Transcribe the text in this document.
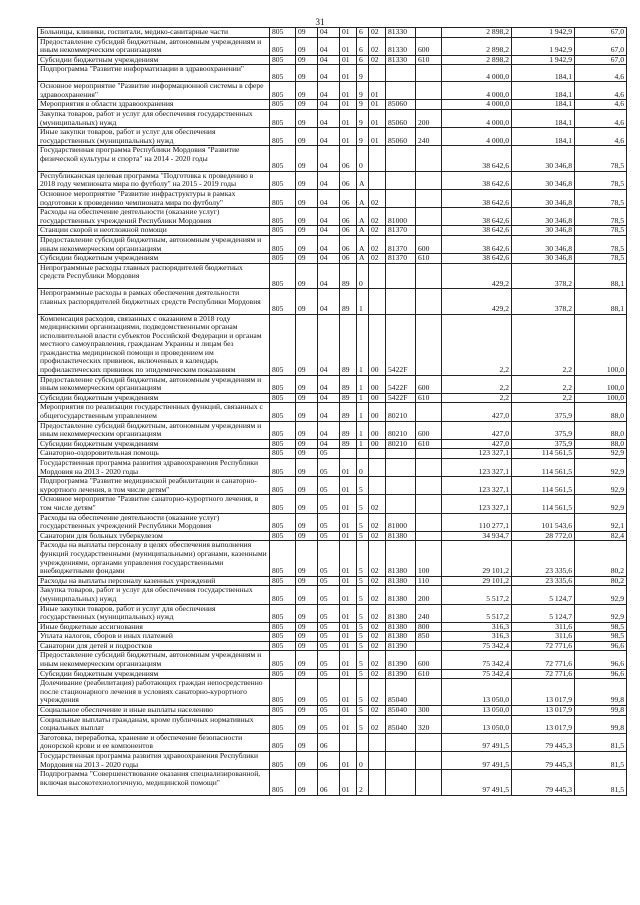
31
Больницы, клиники, госпитали, медико-санитарные части	805	09	04	01	6	02	81330		2 898,2	1 942,9	67,0
Предоставление субсидий бюджетным, автономным учреждениям и иным некоммерческим организациям	805	09	04	01	6	02	81330	600	2 898,2	1 942,9	67,0
Субсидии бюджетным учреждениям	805	09	04	01	6	02	81330	610	2 898,2	1 942,9	67,0
Подпрограмма "Развитие информатизации в здравоохранении"	805	09	04	01	9				4 000,0	184,1	4,6
Основное мероприятие "Развитие информационной системы в сфере здравоохранения"	805	09	04	01	9	01			4 000,0	184,1	4,6
Мероприятия в области здравоохранения	805	09	04	01	9	01	85060		4 000,0	184,1	4,6
Закупка товаров, работ и услуг для обеспечения государственных (муниципальных) нужд	805	09	04	01	9	01	85060	200	4 000,0	184,1	4,6
Иные закупки товаров, работ и услуг для обеспечения государственных (муниципальных) нужд	805	09	04	01	9	01	85060	240	4 000,0	184,1	4,6
Государственная программа Республики Мордовия "Развитие физической культуры и спорта" на 2014 - 2020 годы	805	09	04	06	0				38 642,6	30 346,8	78,5
Республиканская целевая программа "Подготовка к проведению в 2018 году чемпионата мира по футболу" на 2015 - 2019 годы	805	09	04	06	А				38 642,6	30 346,8	78,5
Основное мероприятие "Развитие инфраструктуры в рамках подготовки к проведению чемпионата мира по футболу"	805	09	04	06	А	02			38 642,6	30 346,8	78,5
Расходы на обеспечение деятельности (оказание услуг) государственных учреждений Республики Мордовия	805	09	04	06	А	02	81000		38 642,6	30 346,8	78,5
Станции скорой и неотложной помощи	805	09	04	06	А	02	81370		38 642,6	30 346,8	78,5
Предоставление субсидий бюджетным, автономным учреждениям и иным некоммерческим организациям	805	09	04	06	А	02	81370	600	38 642,6	30 346,8	78,5
Субсидии бюджетным учреждениям	805	09	04	06	А	02	81370	610	38 642,6	30 346,8	78,5
Непрограммные расходы главных распорядителей бюджетных средств Республики Мордовия	805	09	04	89	0				429,2	378,2	88,1
Непрограммные расходы в рамках обеспечения деятельности главных распорядителей бюджетных средств Республики Мордовия	805	09	04	89	1				429,2	378,2	88,1
Компенсация расходов, связанных с оказанием в 2018 году медицинскими организациями, подведомственными органам исполнительной власти субъектов Российской Федерации и органам местного самоуправления, гражданам Украины и лицам без гражданства медицинской помощи и проведением им профилактических прививок, включенных в календарь профилактических прививок по эпидемическим показаниям	805	09	04	89	1	00	5422F		2,2	2,2	100,0
Предоставление субсидий бюджетным, автономным учреждениям и иным некоммерческим организациям	805	09	04	89	1	00	5422F	600	2,2	2,2	100,0
Субсидии бюджетным учреждениям	805	09	04	89	1	00	5422F	610	2,2	2,2	100,0
Мероприятия по реализации государственных функций, связанных с общегосударственным управлением	805	09	04	89	1	00	80210		427,0	375,9	88,0
Предоставление субсидий бюджетным, автономным учреждениям и иным некоммерческим организациям	805	09	04	89	1	00	80210	600	427,0	375,9	88,0
Субсидии бюджетным учреждениям	805	09	04	89	1	00	80210	610	427,0	375,9	88,0
Санаторно-оздоровительная помощь	805	09	05						123 327,1	114 561,5	92,9
Государственная программа развития здравоохранения Республики Мордовия на 2013 - 2020 годы	805	09	05	01	0				123 327,1	114 561,5	92,9
Подпрограмма "Развитие медицинской реабилитации и санаторно-курортного лечения, в том числе детям"	805	09	05	01	5				123 327,1	114 561,5	92,9
Основное мероприятие "Развитие санаторно-курортного лечения, в том числе детям"	805	09	05	01	5	02			123 327,1	114 561,5	92,9
Расходы на обеспечение деятельности (оказание услуг) государственных учреждений Республики Мордовия	805	09	05	01	5	02	81000		110 277,1	101 543,6	92,1
Санатории для больных туберкулезом	805	09	05	01	5	02	81380		34 934,7	28 772,0	82,4
Расходы на выплаты персоналу в целях обеспечения выполнения функций государственными (муниципальными) органами, казенными учреждениями, органами управления государственными внебюджетными фондами	805	09	05	01	5	02	81380	100	29 101,2	23 335,6	80,2
Расходы на выплаты персоналу казенных учреждений	805	09	05	01	5	02	81380	110	29 101,2	23 335,6	80,2
Закупка товаров, работ и услуг для обеспечения государственных (муниципальных) нужд	805	09	05	01	5	02	81380	200	5 517,2	5 124,7	92,9
Иные закупки товаров, работ и услуг для обеспечения государственных (муниципальных) нужд	805	09	05	01	5	02	81380	240	5 517,2	5 124,7	92,9
Иные бюджетные ассигнования	805	09	05	01	5	02	81380	800	316,3	311,6	98,5
Уплата налогов, сборов и иных платежей	805	09	05	01	5	02	81380	850	316,3	311,6	98,5
Санатории для детей и подростков	805	09	05	01	5	02	81390		75 342,4	72 771,6	96,6
Предоставление субсидий бюджетным, автономным учреждениям и иным некоммерческим организациям	805	09	05	01	5	02	81390	600	75 342,4	72 771,6	96,6
Субсидии бюджетным учреждениям	805	09	05	01	5	02	81390	610	75 342,4	72 771,6	96,6
Долечивание (реабилитация) работающих граждан непосредственно после стационарного лечения в условиях санаторно-курортного учреждения	805	09	05	01	5	02	85040		13 050,0	13 017,9	99,8
Социальное обеспечение и иные выплаты населению	805	09	05	01	5	02	85040	300	13 050,0	13 017,9	99,8
Социальные выплаты гражданам, кроме публичных нормативных социальных выплат	805	09	05	01	5	02	85040	320	13 050,0	13 017,9	99,8
Заготовка, переработка, хранение и обеспечение безопасности донорской крови и ее компонентов	805	09	06						97 491,5	79 445,3	81,5
Государственная программа развития здравоохранения Республики Мордовия на 2013 - 2020 годы	805	09	06	01	0				97 491,5	79 445,3	81,5
Подпрограмма "Совершенствование оказания специализированной, включая высокотехнологичную, медицинской помощи"	805	09	06	01	2				97 491,5	79 445,3	81,5
